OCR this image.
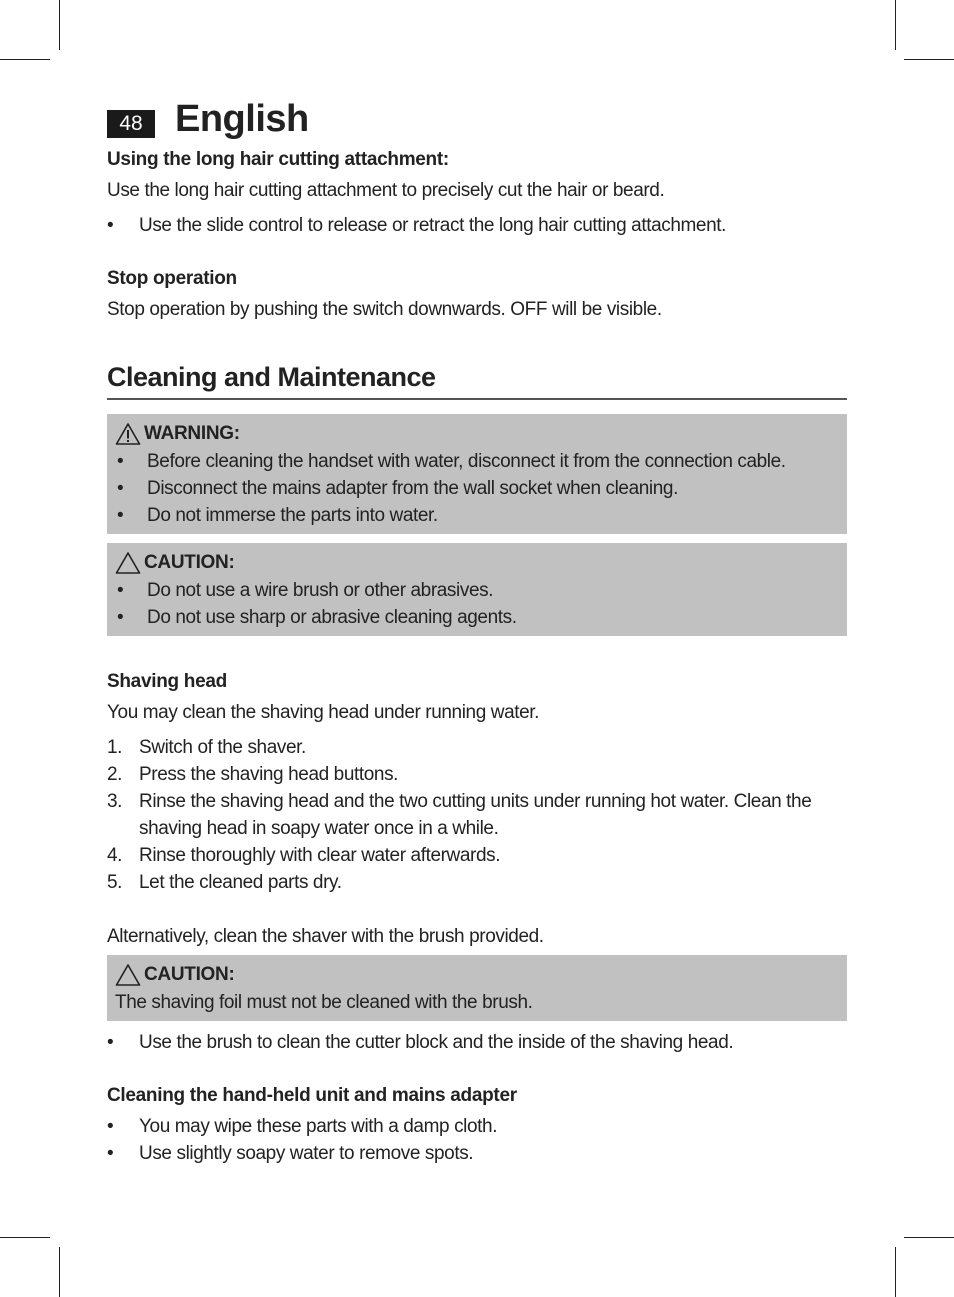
48 English
Using the long hair cutting attachment:
Use the long hair cutting attachment to precisely cut the hair or beard.
• Use the slide control to release or retract the long hair cutting attachment.
Stop operation
Stop operation by pushing the switch downwards. OFF will be visible.
Cleaning and Maintenance
WARNING:
• Before cleaning the handset with water, disconnect it from the connection cable.
• Disconnect the mains adapter from the wall socket when cleaning.
• Do not immerse the parts into water.
CAUTION:
• Do not use a wire brush or other abrasives.
• Do not use sharp or abrasive cleaning agents.
Shaving head
You may clean the shaving head under running water.
1. Switch of the shaver.
2. Press the shaving head buttons.
3. Rinse the shaving head and the two cutting units under running hot water. Clean the shaving head in soapy water once in a while.
4. Rinse thoroughly with clear water afterwards.
5. Let the cleaned parts dry.
Alternatively, clean the shaver with the brush provided.
CAUTION:
The shaving foil must not be cleaned with the brush.
• Use the brush to clean the cutter block and the inside of the shaving head.
Cleaning the hand-held unit and mains adapter
• You may wipe these parts with a damp cloth.
• Use slightly soapy water to remove spots.
